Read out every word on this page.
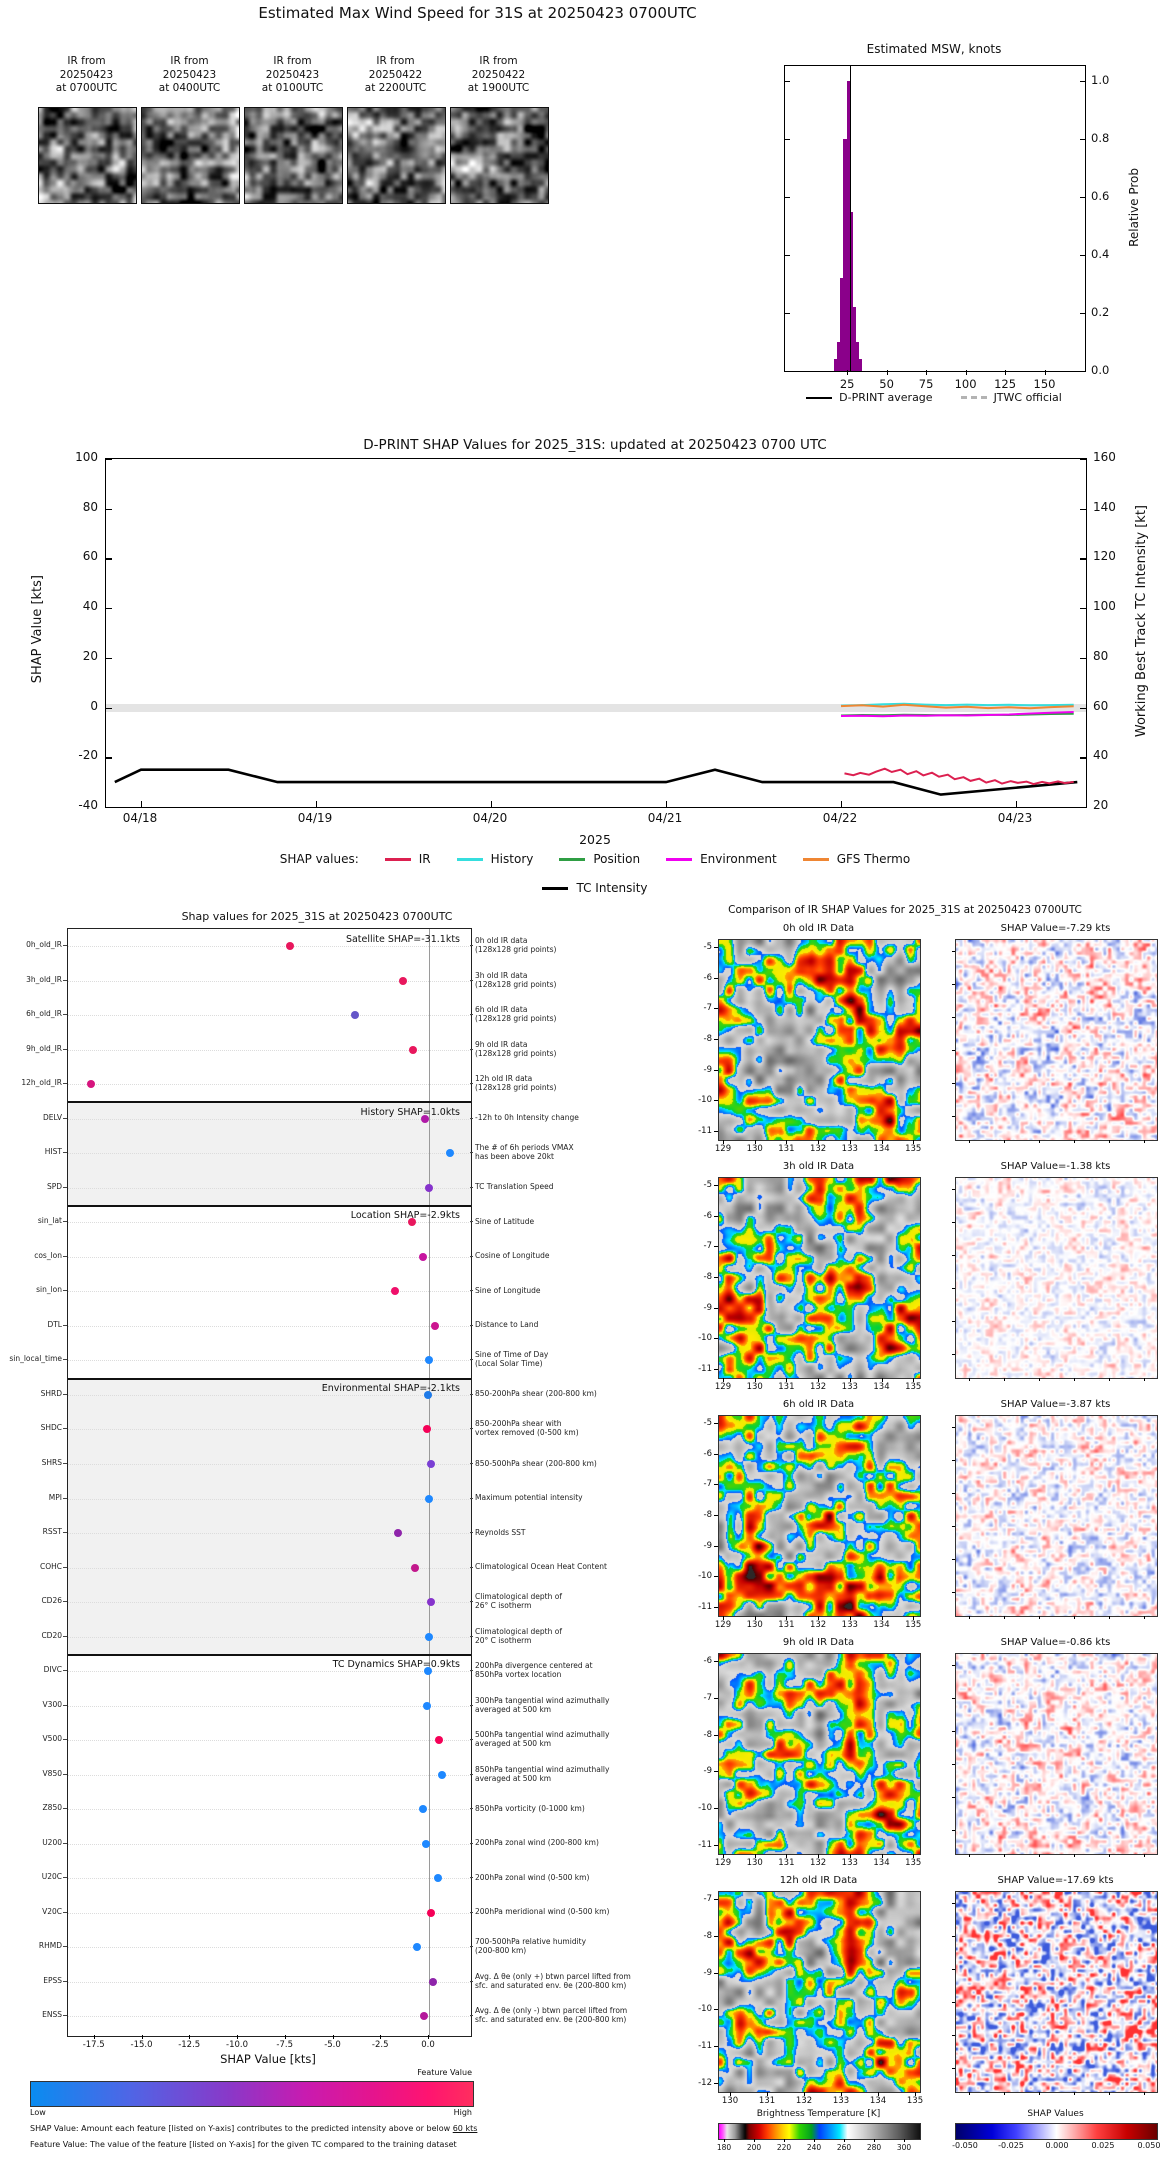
Estimated Max Wind Speed for 31S at 20250423 0700UTC
IR from
20250423
at 0700UTC
IR from
20250423
at 0400UTC
IR from
20250423
at 0100UTC
IR from
20250422
at 2200UTC
IR from
20250422
at 1900UTC
Estimated MSW, knots
Relative Prob
D-PRINT average	JTWC official
D-PRINT SHAP Values for 2025_31S: updated at 20250423 0700 UTC
SHAP Value [kts]	Working Best Track TC Intensity [kt]
2025
SHAP values:	IR	History	Position	Environment	GFS Thermo
TC Intensity
Shap values for 2025_31S at 20250423 0700UTC
SHAP Value [kts]
Feature Value
Low	High
SHAP Value: Amount each feature [listed on Y-axis] contributes to the predicted intensity above or below 60 kts
Feature Value: The value of the feature [listed on Y-axis] for the given TC compared to the training dataset
Comparison of IR SHAP Values for 2025_31S at 20250423 0700UTC
Brightness Temperature [K]	SHAP Values
1.0
0.8
0.6
0.4
0.2
0.0
25	50	75	100	125	150
100	160
80	140
60	120
40	100
20	80
0	60
-20	40
-40	20
04/18	04/19	04/20	04/21	04/22	04/23
Satellite SHAP=-31.1kts
0h_old_IR	0h old IR data
(128x128 grid points)
3h_old_IR	3h old IR data
(128x128 grid points)
6h_old_IR	6h old IR data
(128x128 grid points)
9h_old_IR	9h old IR data
(128x128 grid points)
12h_old_IR	12h old IR data
(128x128 grid points)
History SHAP=1.0kts
DELV	-12h to 0h Intensity change
HIST	The # of 6h periods VMAX
has been above 20kt
SPD	TC Translation Speed
Location SHAP=-2.9kts
sin_lat	Sine of Latitude
cos_lon	Cosine of Longitude
sin_lon	Sine of Longitude
DTL	Distance to Land
sin_local_time	Sine of Time of Day
(Local Solar Time)
Environmental SHAP=-2.1kts
SHRD	850-200hPa shear (200-800 km)
SHDC	850-200hPa shear with
vortex removed (0-500 km)
SHRS	850-500hPa shear (200-800 km)
MPI	Maximum potential intensity
RSST	Reynolds SST
COHC	Climatological Ocean Heat Content
CD26	Climatological depth of
26° C isotherm
CD20	Climatological depth of
20° C isotherm
TC Dynamics SHAP=0.9kts
DIVC	200hPa divergence centered at
850hPa vortex location
V300	300hPa tangential wind azimuthally
averaged at 500 km
V500	500hPa tangential wind azimuthally
averaged at 500 km
V850	850hPa tangential wind azimuthally
averaged at 500 km
Z850	850hPa vorticity (0-1000 km)
U200	200hPa zonal wind (200-800 km)
U20C	200hPa zonal wind (0-500 km)
V20C	200hPa meridional wind (0-500 km)
RHMD	700-500hPa relative humidity
(200-800 km)
EPSS	Avg. Δ θe (only +) btwn parcel lifted from
sfc. and saturated env. θe (200-800 km)
ENSS	Avg. Δ θe (only -) btwn parcel lifted from
sfc. and saturated env. θe (200-800 km)
-17.5	-15.0	-12.5	-10.0	-7.5	-5.0	-2.5	0.0
0h old IR Data	SHAP Value=-7.29 kts
-5
-6
-7
-8
-9
-10
-11
129	130	131	132	133	134	135
3h old IR Data	SHAP Value=-1.38 kts
-5
-6
-7
-8
-9
-10
-11
129	130	131	132	133	134	135
6h old IR Data	SHAP Value=-3.87 kts
-5
-6
-7
-8
-9
-10
-11
129	130	131	132	133	134	135
9h old IR Data	SHAP Value=-0.86 kts
-6
-7
-8
-9
-10
-11
129	130	131	132	133	134	135
12h old IR Data	SHAP Value=-17.69 kts
-7
-8
-9
-10
-11
-12
130	131	132	133	134	135
180	200	220	240	260	280	300	-0.050	-0.025	0.000	0.025	0.050
